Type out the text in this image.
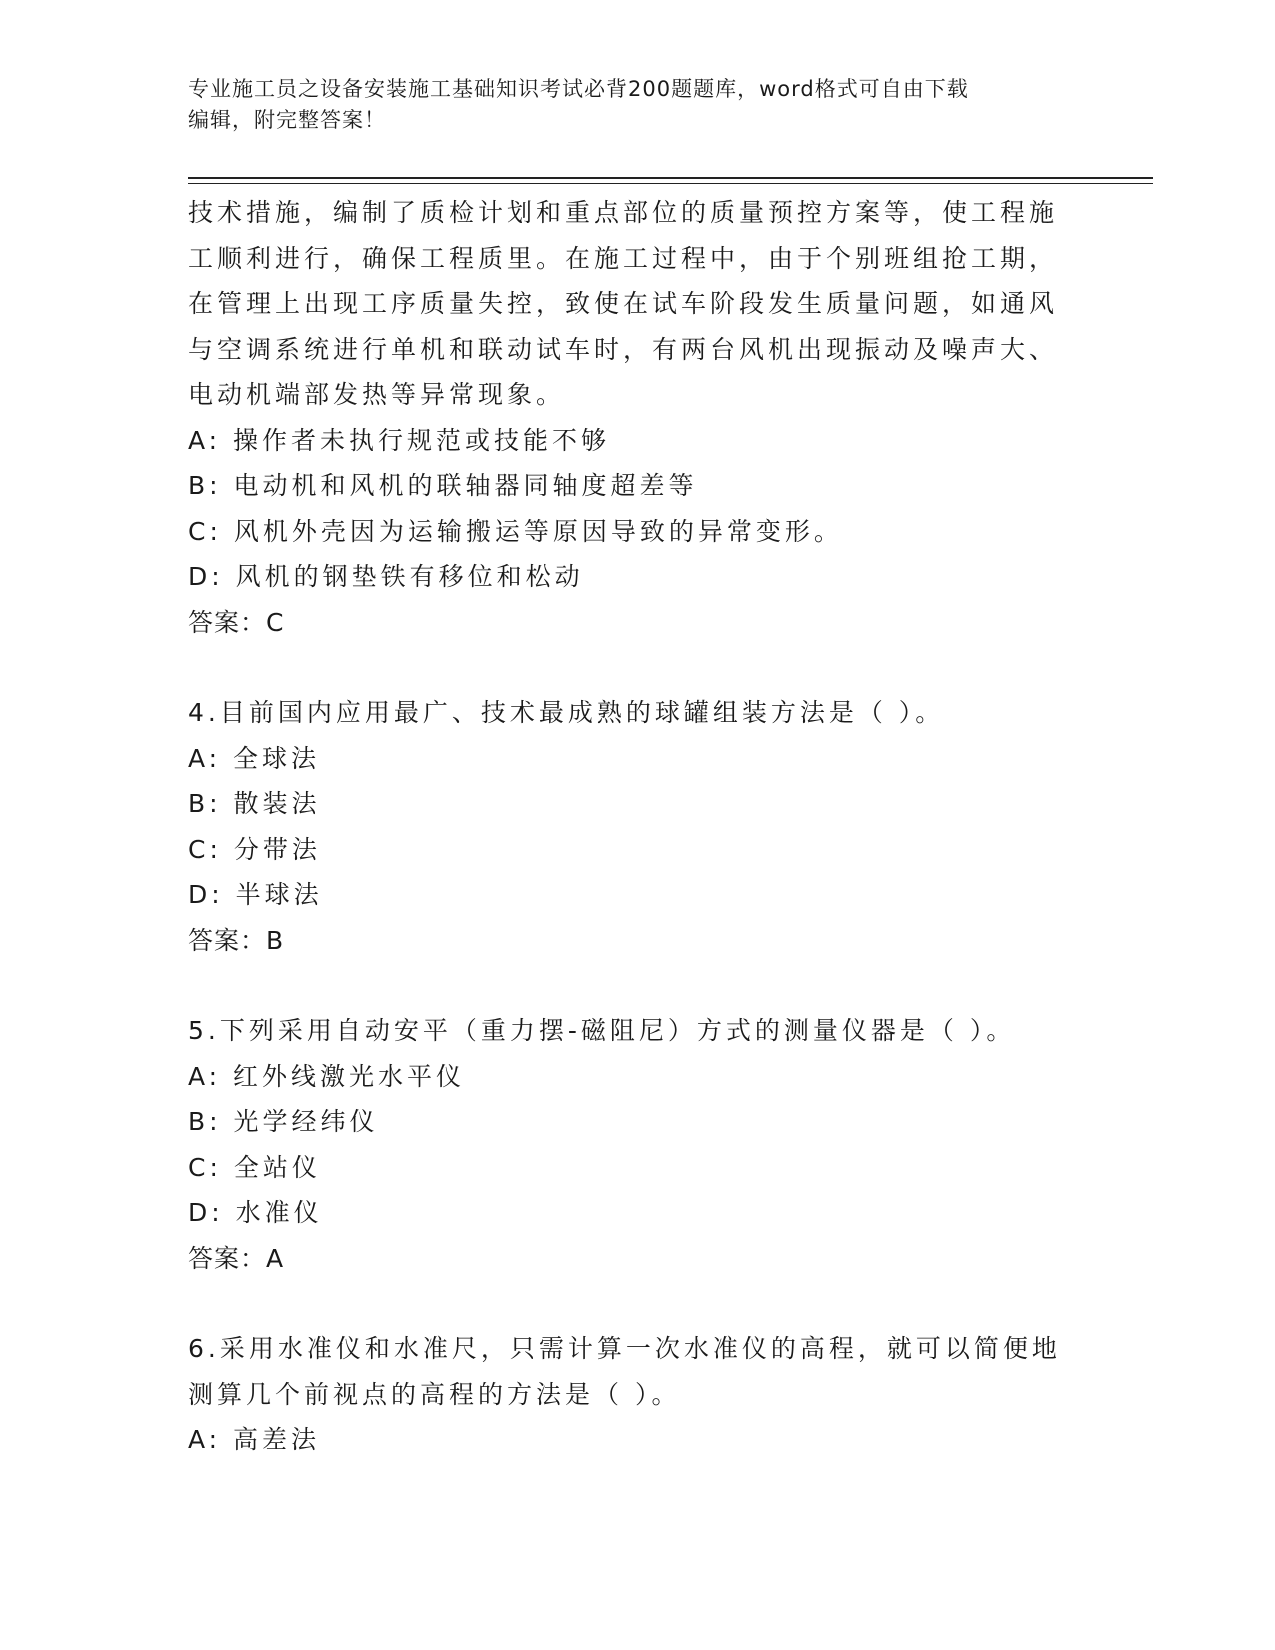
专业施工员之设备安装施工基础知识考试必背200题题库，word格式可自由下载
编辑，附完整答案！
技术措施，编制了质检计划和重点部位的质量预控方案等，使工程施
工顺利进行，确保工程质里。在施工过程中，由于个别班组抢工期，
在管理上出现工序质量失控，致使在试车阶段发生质量问题，如通风
与空调系统进行单机和联动试车时，有两台风机出现振动及噪声大、
电动机端部发热等异常现象。
A: 操作者未执行规范或技能不够
B: 电动机和风机的联轴器同轴度超差等
C: 风机外壳因为运输搬运等原因导致的异常变形。
D: 风机的钢垫铁有移位和松动
答案：C
4.目前国内应用最广、技术最成熟的球罐组装方法是（ ）。
A: 全球法
B: 散装法
C: 分带法
D: 半球法
答案：B
5.下列采用自动安平（重力摆-磁阻尼）方式的测量仪器是（ ）。
A: 红外线激光水平仪
B: 光学经纬仪
C: 全站仪
D: 水准仪
答案：A
6.采用水准仪和水准尺，只需计算一次水准仪的高程，就可以简便地
测算几个前视点的高程的方法是（ ）。
A: 高差法
